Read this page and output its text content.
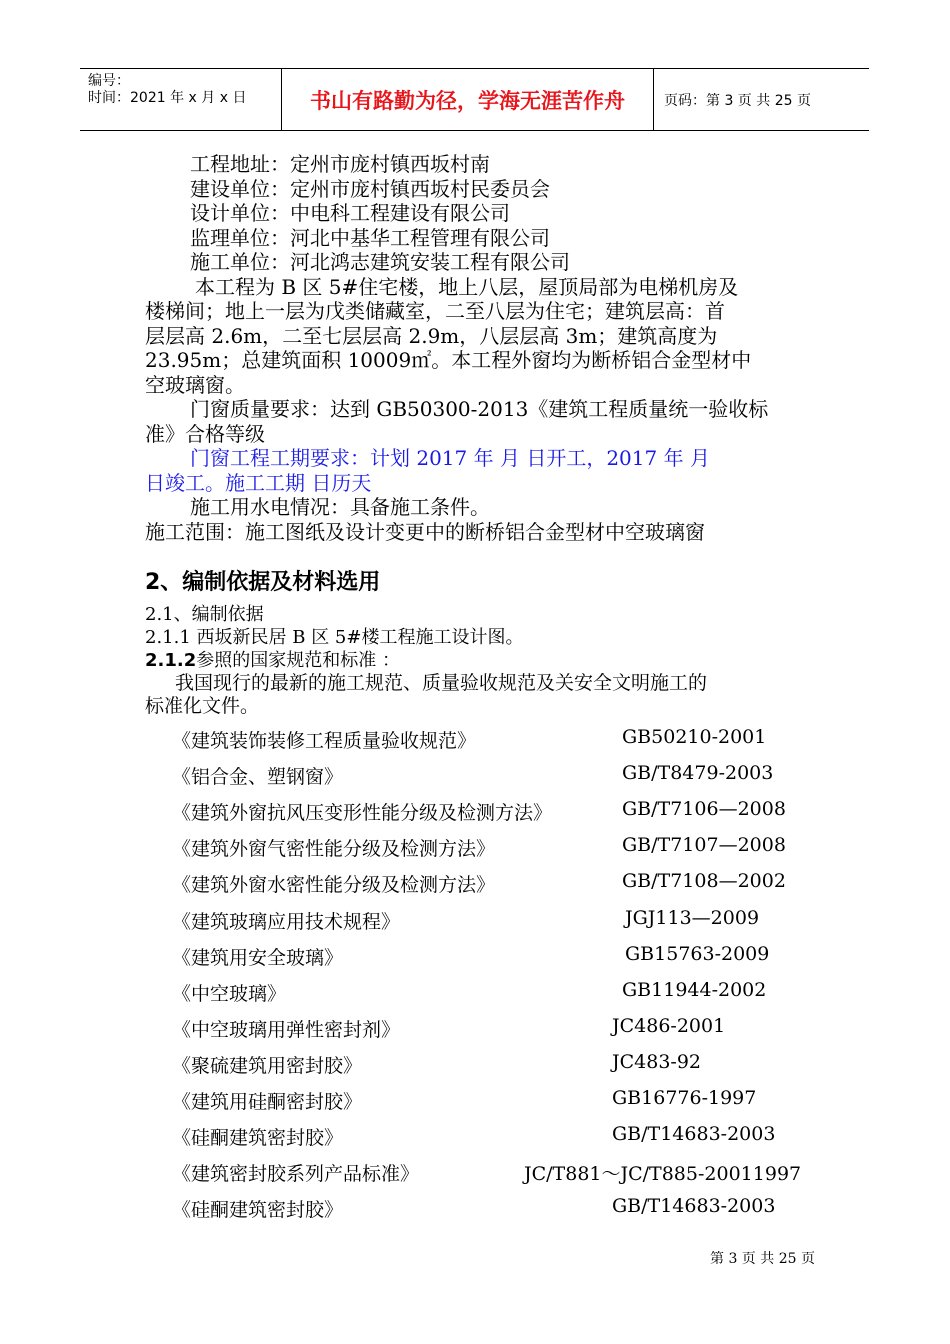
编号：
时间：2021 年 x 月 x 日	书山有路勤为径，学海无涯苦作舟	页码：第 3 页 共 25 页
工程地址：定州市庞村镇西坂村南
建设单位：定州市庞村镇西坂村民委员会
设计单位：中电科工程建设有限公司
监理单位：河北中基华工程管理有限公司
施工单位：河北鸿志建筑安装工程有限公司
本工程为 B 区 5#住宅楼，地上八层，屋顶局部为电梯机房及
楼梯间；地上一层为戊类储藏室，二至八层为住宅；建筑层高：首
层层高 2.6m，二至七层层高 2.9m，八层层高 3m；建筑高度为
23.95m；总建筑面积 10009㎡。本工程外窗均为断桥铝合金型材中
空玻璃窗。
门窗质量要求：达到 GB50300-2013《建筑工程质量统一验收标
准》合格等级
门窗工程工期要求：计划 2017 年 月 日开工，2017 年 月
日竣工。施工工期 日历天
施工用水电情况：具备施工条件。
施工范围：施工图纸及设计变更中的断桥铝合金型材中空玻璃窗
2、编制依据及材料选用
2.1、编制依据
2.1.1 西坂新民居 B 区 5#楼工程施工设计图。
2.1.2参照的国家规范和标准 ：
我国现行的最新的施工规范、质量验收规范及关安全文明施工的
标准化文件。
《建筑装饰装修工程质量验收规范》	GB50210-2001
《铝合金、塑钢窗》	GB/T8479-2003
《建筑外窗抗风压变形性能分级及检测方法》	GB/T7106—2008
《建筑外窗气密性能分级及检测方法》	GB/T7107—2008
《建筑外窗水密性能分级及检测方法》	GB/T7108—2002
《建筑玻璃应用技术规程》	JGJ113—2009
《建筑用安全玻璃》	GB15763-2009
《中空玻璃》	GB11944-2002
《中空玻璃用弹性密封剂》	JC486-2001
《聚硫建筑用密封胶》	JC483-92
《建筑用硅酮密封胶》	GB16776-1997
《硅酮建筑密封胶》	GB/T14683-2003
《建筑密封胶系列产品标准》	JC/T881～JC/T885-20011997
《硅酮建筑密封胶》	GB/T14683-2003
第 3 页 共 25 页
